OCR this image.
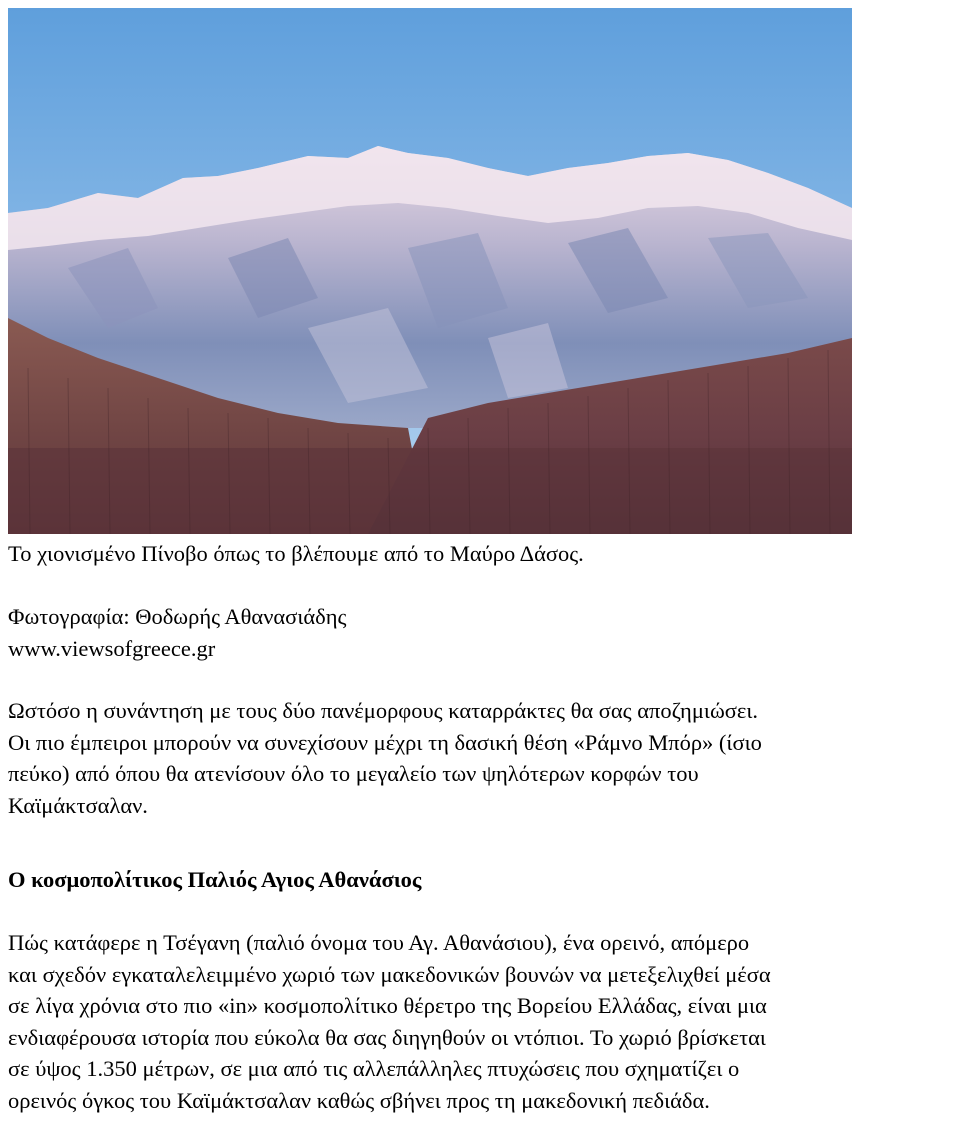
Το χιονισμένο Πίνοβο όπως το βλέπουμε από το Μαύρο Δάσος.
Φωτογραφία: Θοδωρής Αθανασιάδης
www.viewsofgreece.gr
Ωστόσο η συνάντηση με τους δύο πανέμορφους καταρράκτες θα σας αποζημιώσει.
Οι πιο έμπειροι μπορούν να συνεχίσουν μέχρι τη δασική θέση «Ράμνο Μπόρ» (ίσιο
πεύκο) από όπου θα ατενίσουν όλο το μεγαλείο των ψηλότερων κορφών του
Καϊμάκτσαλαν.
Ο κοσμοπολίτικος Παλιός Αγιος Αθανάσιος
Πώς κατάφερε η Τσέγανη (παλιό όνομα του Αγ. Αθανάσιου), ένα ορεινό, απόμερο
και σχεδόν εγκαταλελειμμένο χωριό των μακεδονικών βουνών να μετεξελιχθεί μέσα
σε λίγα χρόνια στο πιο «in» κοσμοπολίτικο θέρετρο της Βορείου Ελλάδας, είναι μια
ενδιαφέρουσα ιστορία που εύκολα θα σας διηγηθούν οι ντόπιοι. Το χωριό βρίσκεται
σε ύψος 1.350 μέτρων, σε μια από τις αλλεπάλληλες πτυχώσεις που σχηματίζει ο
ορεινός όγκος του Καϊμάκτσαλαν καθώς σβήνει προς τη μακεδονική πεδιάδα.
